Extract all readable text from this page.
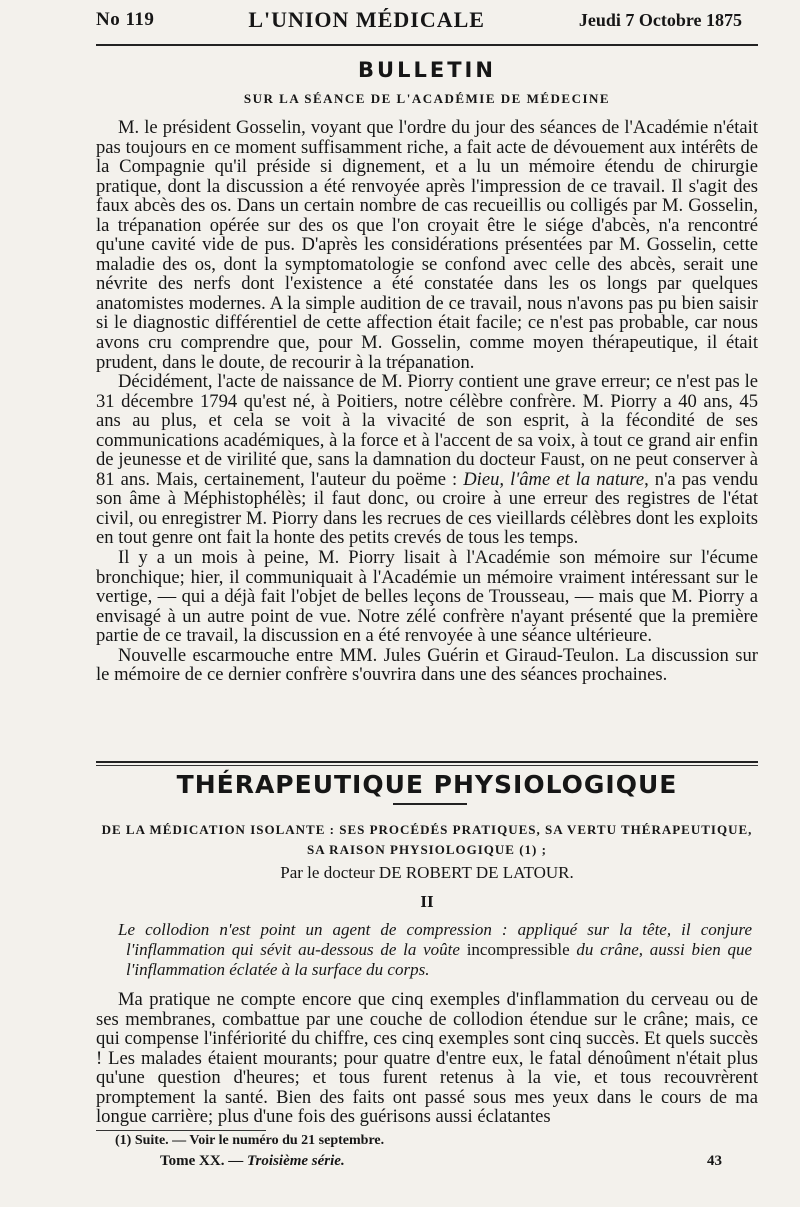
No 119	L'UNION MÉDICALE	Jeudi 7 Octobre 1875
BULLETIN
SUR LA SÉANCE DE L'ACADÉMIE DE MÉDECINE

M. le président Gosselin, voyant que l'ordre du jour des séances de l'Académie n'était pas toujours en ce moment suffisamment riche, a fait acte de dévouement aux intérêts de la Compagnie qu'il préside si dignement, et a lu un mémoire étendu de chirurgie pratique, dont la discussion a été renvoyée après l'impression de ce travail. Il s'agit des faux abcès des os. Dans un certain nombre de cas recueillis ou colligés par M. Gosselin, la trépanation opérée sur des os que l'on croyait être le siége d'abcès, n'a rencontré qu'une cavité vide de pus. D'après les considérations présentées par M. Gosselin, cette maladie des os, dont la symptomatologie se confond avec celle des abcès, serait une névrite des nerfs dont l'existence a été constatée dans les os longs par quelques anatomistes modernes. A la simple audition de ce travail, nous n'avons pas pu bien saisir si le diagnostic différentiel de cette affection était facile; ce n'est pas probable, car nous avons cru comprendre que, pour M. Gosselin, comme moyen thérapeutique, il était prudent, dans le doute, de recourir à la trépanation.

Décidément, l'acte de naissance de M. Piorry contient une grave erreur; ce n'est pas le 31 décembre 1794 qu'est né, à Poitiers, notre célèbre confrère. M. Piorry a 40 ans, 45 ans au plus, et cela se voit à la vivacité de son esprit, à la fécondité de ses communications académiques, à la force et à l'accent de sa voix, à tout ce grand air enfin de jeunesse et de virilité que, sans la damnation du docteur Faust, on ne peut conserver à 81 ans. Mais, certainement, l'auteur du poëme : Dieu, l'âme et la nature, n'a pas vendu son âme à Méphistophélès; il faut donc, ou croire à une erreur des registres de l'état civil, ou enregistrer M. Piorry dans les recrues de ces vieillards célèbres dont les exploits en tout genre ont fait la honte des petits crevés de tous les temps.

Il y a un mois à peine, M. Piorry lisait à l'Académie son mémoire sur l'écume bronchique; hier, il communiquait à l'Académie un mémoire vraiment intéressant sur le vertige, — qui a déjà fait l'objet de belles leçons de Trousseau, — mais que M. Piorry a envisagé à un autre point de vue. Notre zélé confrère n'ayant présenté que la première partie de ce travail, la discussion en a été renvoyée à une séance ultérieure.

Nouvelle escarmouche entre MM. Jules Guérin et Giraud-Teulon. La discussion sur le mémoire de ce dernier confrère s'ouvrira dans une des séances prochaines.

THÉRAPEUTIQUE PHYSIOLOGIQUE
DE LA MÉDICATION ISOLANTE : SES PROCÉDÉS PRATIQUES, SA VERTU THÉRAPEUTIQUE,
SA RAISON PHYSIOLOGIQUE (1) ;
Par le docteur DE ROBERT DE LATOUR.
II

Le collodion n'est point un agent de compression : appliqué sur la tête, il conjure l'inflammation qui sévit au-dessous de la voûte incompressible du crâne, aussi bien que l'inflammation éclatée à la surface du corps.

Ma pratique ne compte encore que cinq exemples d'inflammation du cerveau ou de ses membranes, combattue par une couche de collodion étendue sur le crâne; mais, ce qui compense l'infériorité du chiffre, ces cinq exemples sont cinq succès. Et quels succès ! Les malades étaient mourants; pour quatre d'entre eux, le fatal dénoûment n'était plus qu'une question d'heures; et tous furent retenus à la vie, et tous recouvrèrent promptement la santé. Bien des faits ont passé sous mes yeux dans le cours de ma longue carrière; plus d'une fois des guérisons aussi éclatantes

(1) Suite. — Voir le numéro du 21 septembre.
Tome XX. — Troisième série.	43
